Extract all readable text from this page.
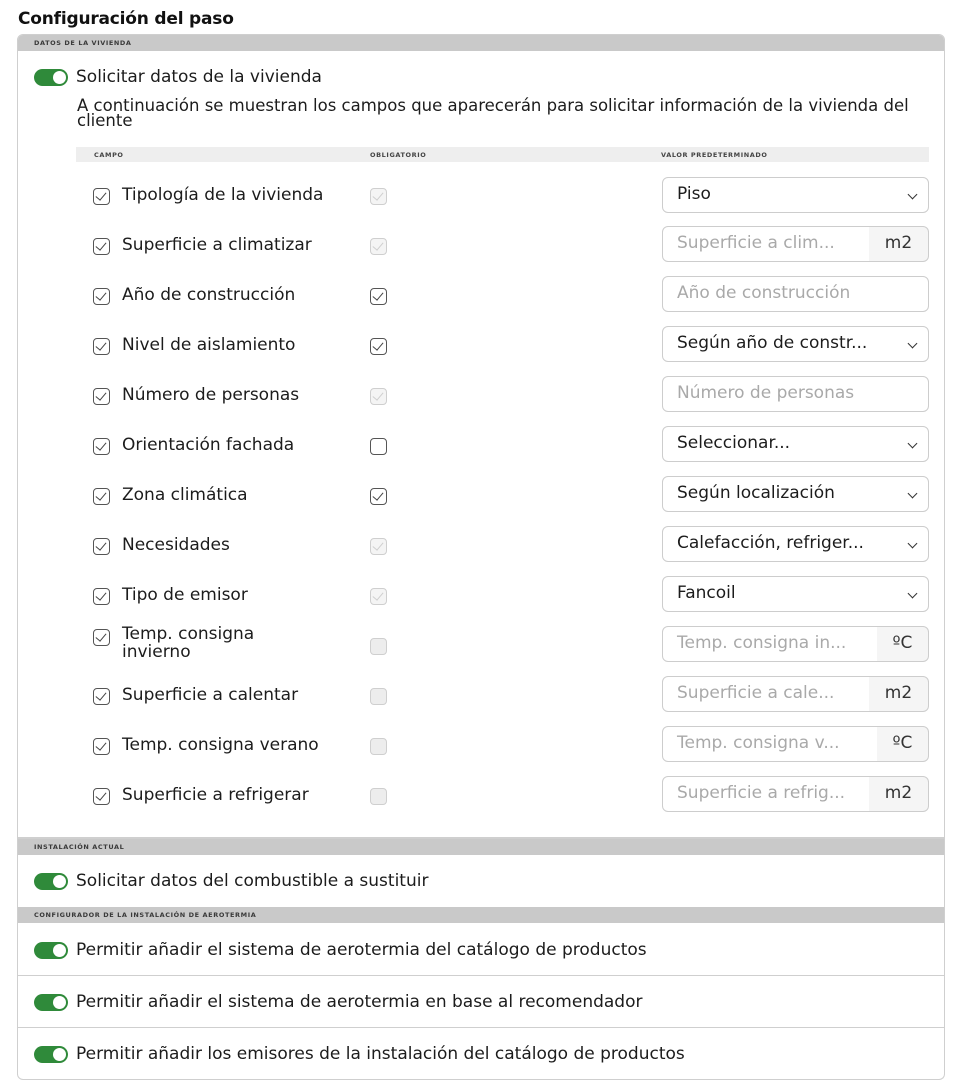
Configuración del paso
DATOS DE LA VIVIENDA
Solicitar datos de la vivienda
A continuación se muestran los campos que aparecerán para solicitar información de la vivienda del cliente
CAMPO	OBLIGATORIO	VALOR PREDETERMINADO
Tipología de la vivienda	Piso
Superficie a climatizar	Superficie a clim...	m2
Año de construcción	Año de construcción
Nivel de aislamiento	Según año de constr...
Número de personas	Número de personas
Orientación fachada	Seleccionar...
Zona climática	Según localización
Necesidades	Calefacción, refriger...
Tipo de emisor	Fancoil
Temp. consigna invierno	Temp. consigna in...	ºC
Superficie a calentar	Superficie a cale...	m2
Temp. consigna verano	Temp. consigna v...	ºC
Superficie a refrigerar	Superficie a refrig...	m2
INSTALACIÓN ACTUAL
Solicitar datos del combustible a sustituir
CONFIGURADOR DE LA INSTALACIÓN DE AEROTERMIA
Permitir añadir el sistema de aerotermia del catálogo de productos
Permitir añadir el sistema de aerotermia en base al recomendador
Permitir añadir los emisores de la instalación del catálogo de productos
